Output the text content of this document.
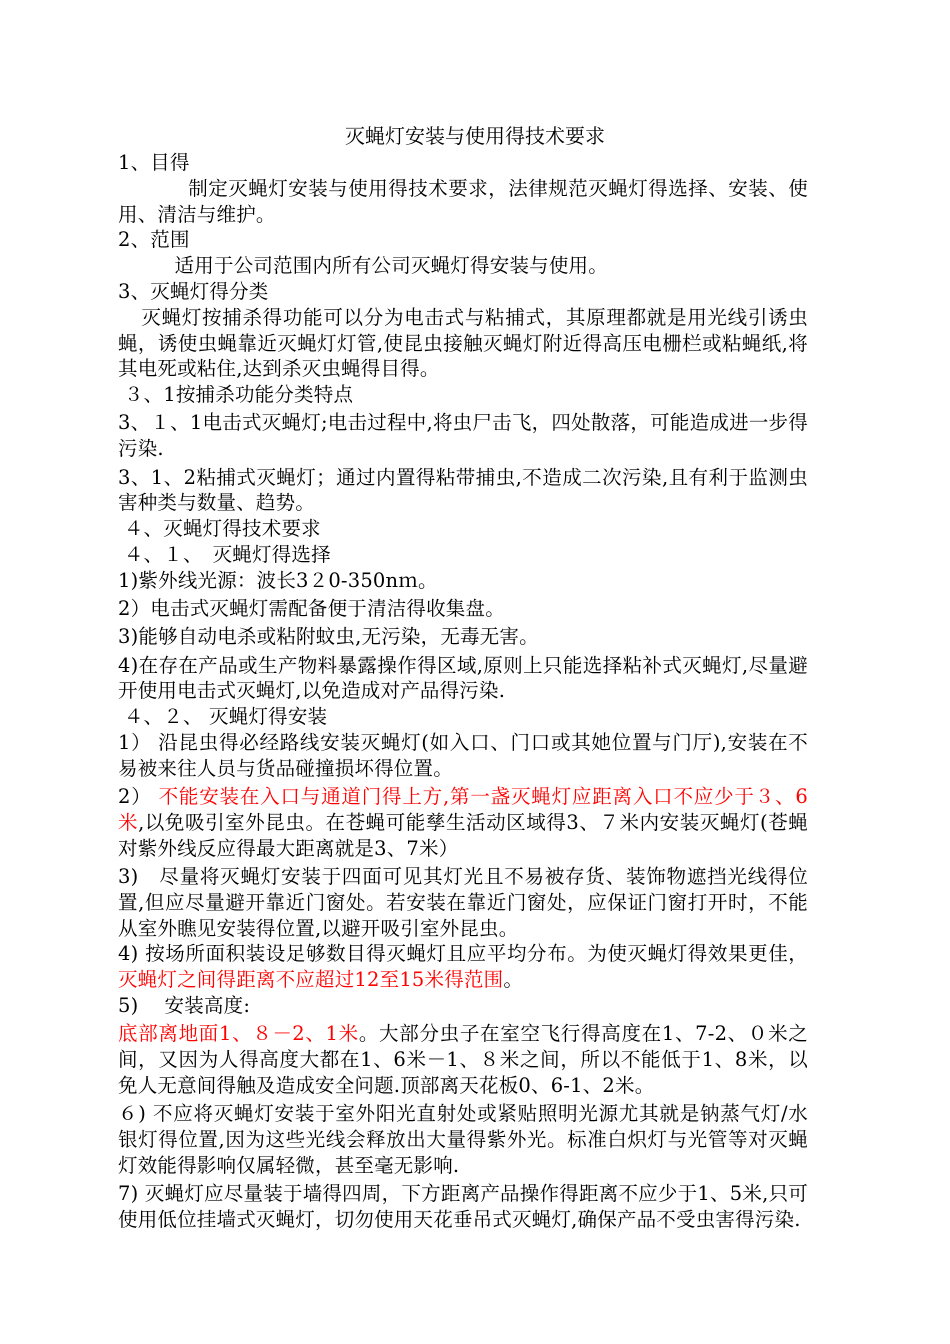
灭蝇灯安装与使用得技术要求

1、目得

制定灭蝇灯安装与使用得技术要求，法律规范灭蝇灯得选择、安装、使用、清洁与维护。

2、范围

适用于公司范围内所有公司灭蝇灯得安装与使用。

3、灭蝇灯得分类

灭蝇灯按捕杀得功能可以分为电击式与粘捕式，其原理都就是用光线引诱虫蝇，诱使虫蝇靠近灭蝇灯灯管,使昆虫接触灭蝇灯附近得高压电栅栏或粘蝇纸,将其电死或粘住,达到杀灭虫蝇得目得。

３、1按捕杀功能分类特点

3、１、1电击式灭蝇灯;电击过程中,将虫尸击飞，四处散落，可能造成进一步得污染.

3、1、2粘捕式灭蝇灯；通过内置得粘带捕虫,不造成二次污染,且有利于监测虫害种类与数量、趋势。

４、灭蝇灯得技术要求

４、１、　灭蝇灯得选择

1)紫外线光源：波长3２0-350nｍ。

2）电击式灭蝇灯需配备便于清洁得收集盘。

3)能够自动电杀或粘附蚊虫,无污染，无毒无害。

4)在存在产品或生产物料暴露操作得区域,原则上只能选择粘补式灭蝇灯,尽量避开使用电击式灭蝇灯,以免造成对产品得污染.

４、２、 灭蝇灯得安装

1） 沿昆虫得必经路线安装灭蝇灯(如入口、门口或其她位置与门厅),安装在不易被来往人员与货品碰撞损坏得位置。

2） 不能安装在入口与通道门得上方,第一盏灭蝇灯应距离入口不应少于３、6米,以免吸引室外昆虫。在苍蝇可能孳生活动区域得3、７米内安装灭蝇灯(苍蝇对紫外线反应得最大距离就是3、7米）

3)　尽量将灭蝇灯安装于四面可见其灯光且不易被存货、装饰物遮挡光线得位置,但应尽量避开靠近门窗处。若安装在靠近门窗处，应保证门窗打开时，不能从室外瞧见安装得位置,以避开吸引室外昆虫。

4) 按场所面积装设足够数目得灭蝇灯且应平均分布。为使灭蝇灯得效果更佳，灭蝇灯之间得距离不应超过12至15米得范围。

5)　 安装高度:

底部离地面1、８－2、1米。大部分虫子在室空飞行得高度在1、7-2、０米之间，又因为人得高度大都在1、6米－1、８米之间，所以不能低于1、8米，以免人无意间得触及造成安全问题.顶部离天花板0、6-1、2米。

６) 不应将灭蝇灯安装于室外阳光直射处或紧贴照明光源尤其就是钠蒸气灯/水银灯得位置,因为这些光线会释放出大量得紫外光。标准白炽灯与光管等对灭蝇灯效能得影响仅属轻微，甚至毫无影响.

7) 灭蝇灯应尽量装于墙得四周，下方距离产品操作得距离不应少于1、5米,只可使用低位挂墙式灭蝇灯，切勿使用天花垂吊式灭蝇灯,确保产品不受虫害得污染.
